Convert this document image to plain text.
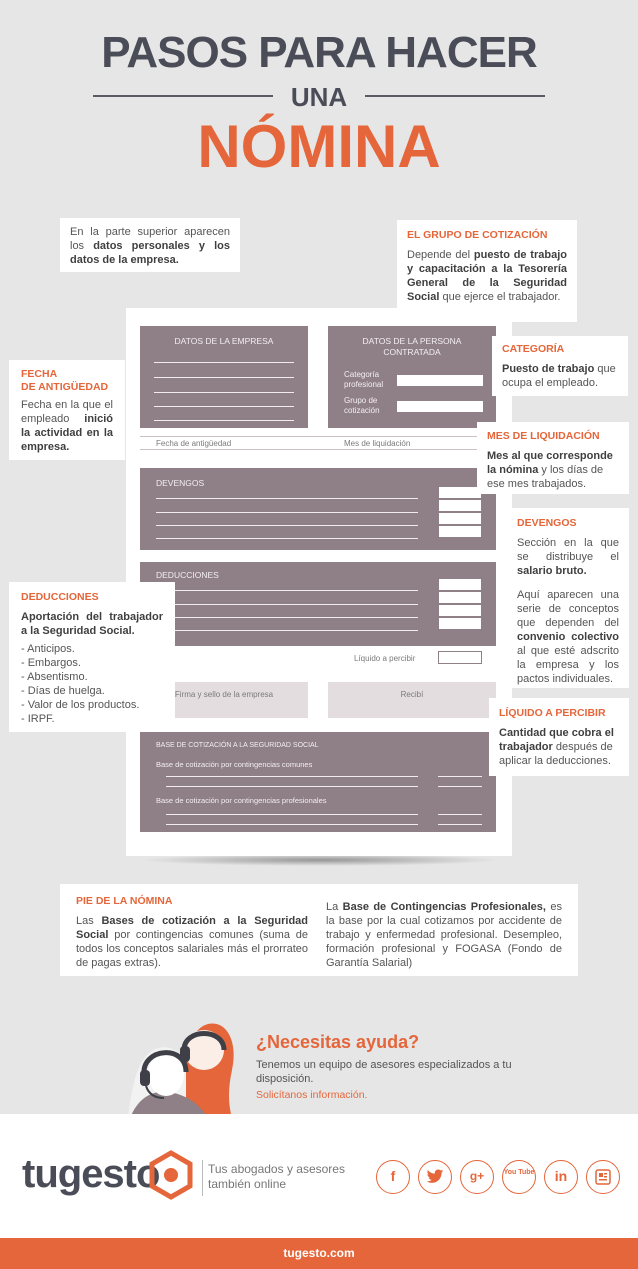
PASOS PARA HACER
UNA
NÓMINA
DATOS DE LA EMPRESA	DATOS DE LA PERSONA CONTRATADA
Categoría profesional
Grupo de cotización
Fecha de antigüedad	Mes de liquidación
DEVENGOS
DEDUCCIONES
Líquido a percibir
Firma y sello de la empresa	Recibí
BASE DE COTIZACIÓN A LA SEGURIDAD SOCIAL
Base de cotización por contingencias comunes
Base de cotización por contingencias profesionales
En la parte superior aparecen los datos personales y los datos de la empresa.
EL GRUPO DE COTIZACIÓN
Depende del puesto de trabajo y capacitación a la Tesorería General de la Seguridad Social que ejerce el trabajador.
CATEGORÍA
Puesto de trabajo que ocupa el empleado.
FECHA
DE ANTIGÜEDAD
Fecha en la que el empleado inició la actividad en la empresa.
MES DE LIQUIDACIÓN
Mes al que corresponde la nómina y los días de ese mes trabajados.
DEVENGOS
Sección en la que se distribuye el salario bruto.
Aquí aparecen una serie de conceptos que dependen del convenio colectivo al que esté adscrito la empresa y los pactos individuales.
DEDUCCIONES
Aportación del trabajador a la Seguridad Social.
- Anticipos.
- Embargos.
- Absentismo.
- Días de huelga.
- Valor de los productos.
- IRPF.	LÍQUIDO A PERCIBIR
Cantidad que cobra el trabajador después de aplicar la deducciones.
PIE DE LA NÓMINA
Las Bases de cotización a la Seguridad Social por contingencias comunes (suma de todos los conceptos salariales más el prorrateo de pagas extras).
La Base de Contingencias Profesionales, es la base por la cual cotizamos por accidente de trabajo y enfermedad profesional. Desempleo, formación profesional y FOGASA (Fondo de Garantía Salarial)
¿Necesitas ayuda?
Tenemos un equipo de asesores especializados a tu disposición.
Solicítanos información.
tugesto	Tus abogados y asesores
también online	f	g+	You Tube	in
tugesto.com
